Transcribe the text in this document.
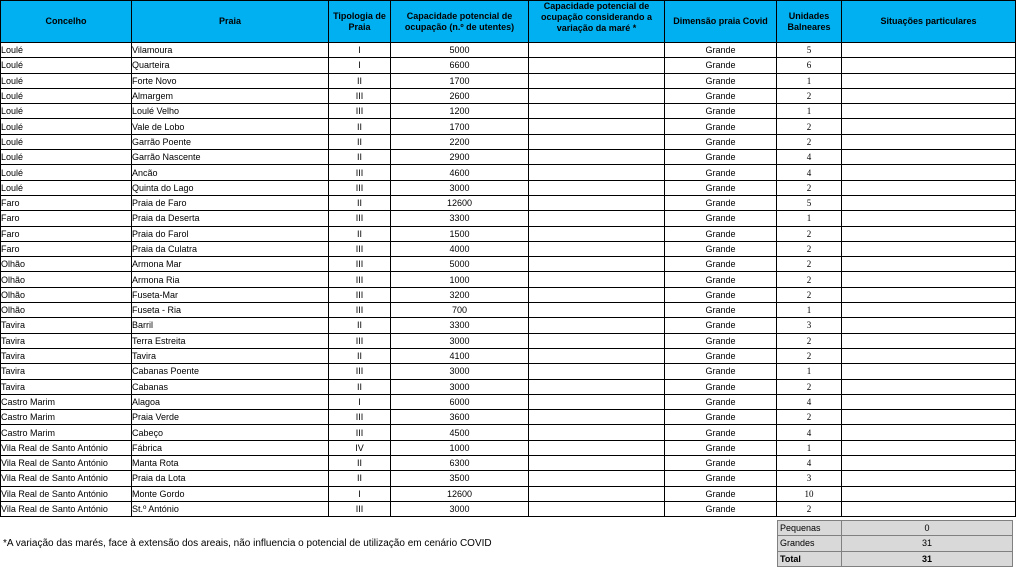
Concelho	Praia	Tipologia de Praia	Capacidade potencial de ocupação (n.º de utentes)	Capacidade potencial de ocupação considerando a variação da maré *	Dimensão praia Covid	Unidades Balneares	Situações particulares
Loulé	Vilamoura	I	5000		Grande	5	
Loulé	Quarteira	I	6600		Grande	6	
Loulé	Forte Novo	II	1700		Grande	1	
Loulé	Almargem	III	2600		Grande	2	
Loulé	Loulé Velho	III	1200		Grande	1	
Loulé	Vale de Lobo	II	1700		Grande	2	
Loulé	Garrão Poente	II	2200		Grande	2	
Loulé	Garrão Nascente	II	2900		Grande	4	
Loulé	Ancão	III	4600		Grande	4	
Loulé	Quinta do Lago	III	3000		Grande	2	
Faro	Praia de Faro	II	12600		Grande	5	
Faro	Praia da Deserta	III	3300		Grande	1	
Faro	Praia do Farol	II	1500		Grande	2	
Faro	Praia da Culatra	III	4000		Grande	2	
Olhão	Armona Mar	III	5000		Grande	2	
Olhão	Armona Ria	III	1000		Grande	2	
Olhão	Fuseta-Mar	III	3200		Grande	2	
Olhão	Fuseta - Ria	III	700		Grande	1	
Tavira	Barril	II	3300		Grande	3	
Tavira	Terra Estreita	III	3000		Grande	2	
Tavira	Tavira	II	4100		Grande	2	
Tavira	Cabanas Poente	III	3000		Grande	1	
Tavira	Cabanas	II	3000		Grande	2	
Castro Marim	Alagoa	I	6000		Grande	4	
Castro Marim	Praia Verde	III	3600		Grande	2	
Castro Marim	Cabeço	III	4500		Grande	4	
Vila Real de Santo António	Fábrica	IV	1000		Grande	1	
Vila Real de Santo António	Manta Rota	II	6300		Grande	4	
Vila Real de Santo António	Praia da Lota	II	3500		Grande	3	
Vila Real de Santo António	Monte Gordo	I	12600		Grande	10	
Vila Real de Santo António	St.º António	III	3000		Grande	2	
*A variação das marés, face à extensão dos areais, não influencia o potencial de utilização em cenário COVID
Pequenas	0
Grandes	31
Total	31
